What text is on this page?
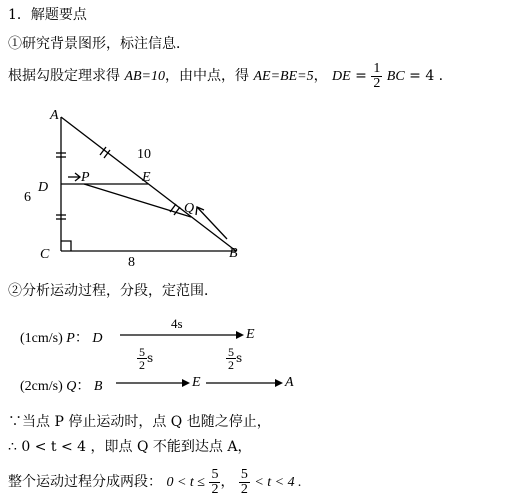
1．解题要点
①研究背景图形，标注信息．
根据勾股定理求得 AB=10，由中点，得 AE=BE=5， DE = $\frac{1}{2}$ BC = 4 .
A
B
C
D
E
P
Q
10
6
8
②分析运动过程，分段，定范围．
(1cm/s) P： D
4s
E
(2cm/s) Q： B	E	A
$\frac{5}{2}$ s	$\frac{5}{2}$ s
∵当点 P 停止运动时，点 Q 也随之停止，
∴ 0 < t < 4 ，即点 Q 不能到达点 A，
整个运动过程分成两段： $0 < t \le \frac{5}{2}$ ， $\frac{5}{2} < t < 4$ .
